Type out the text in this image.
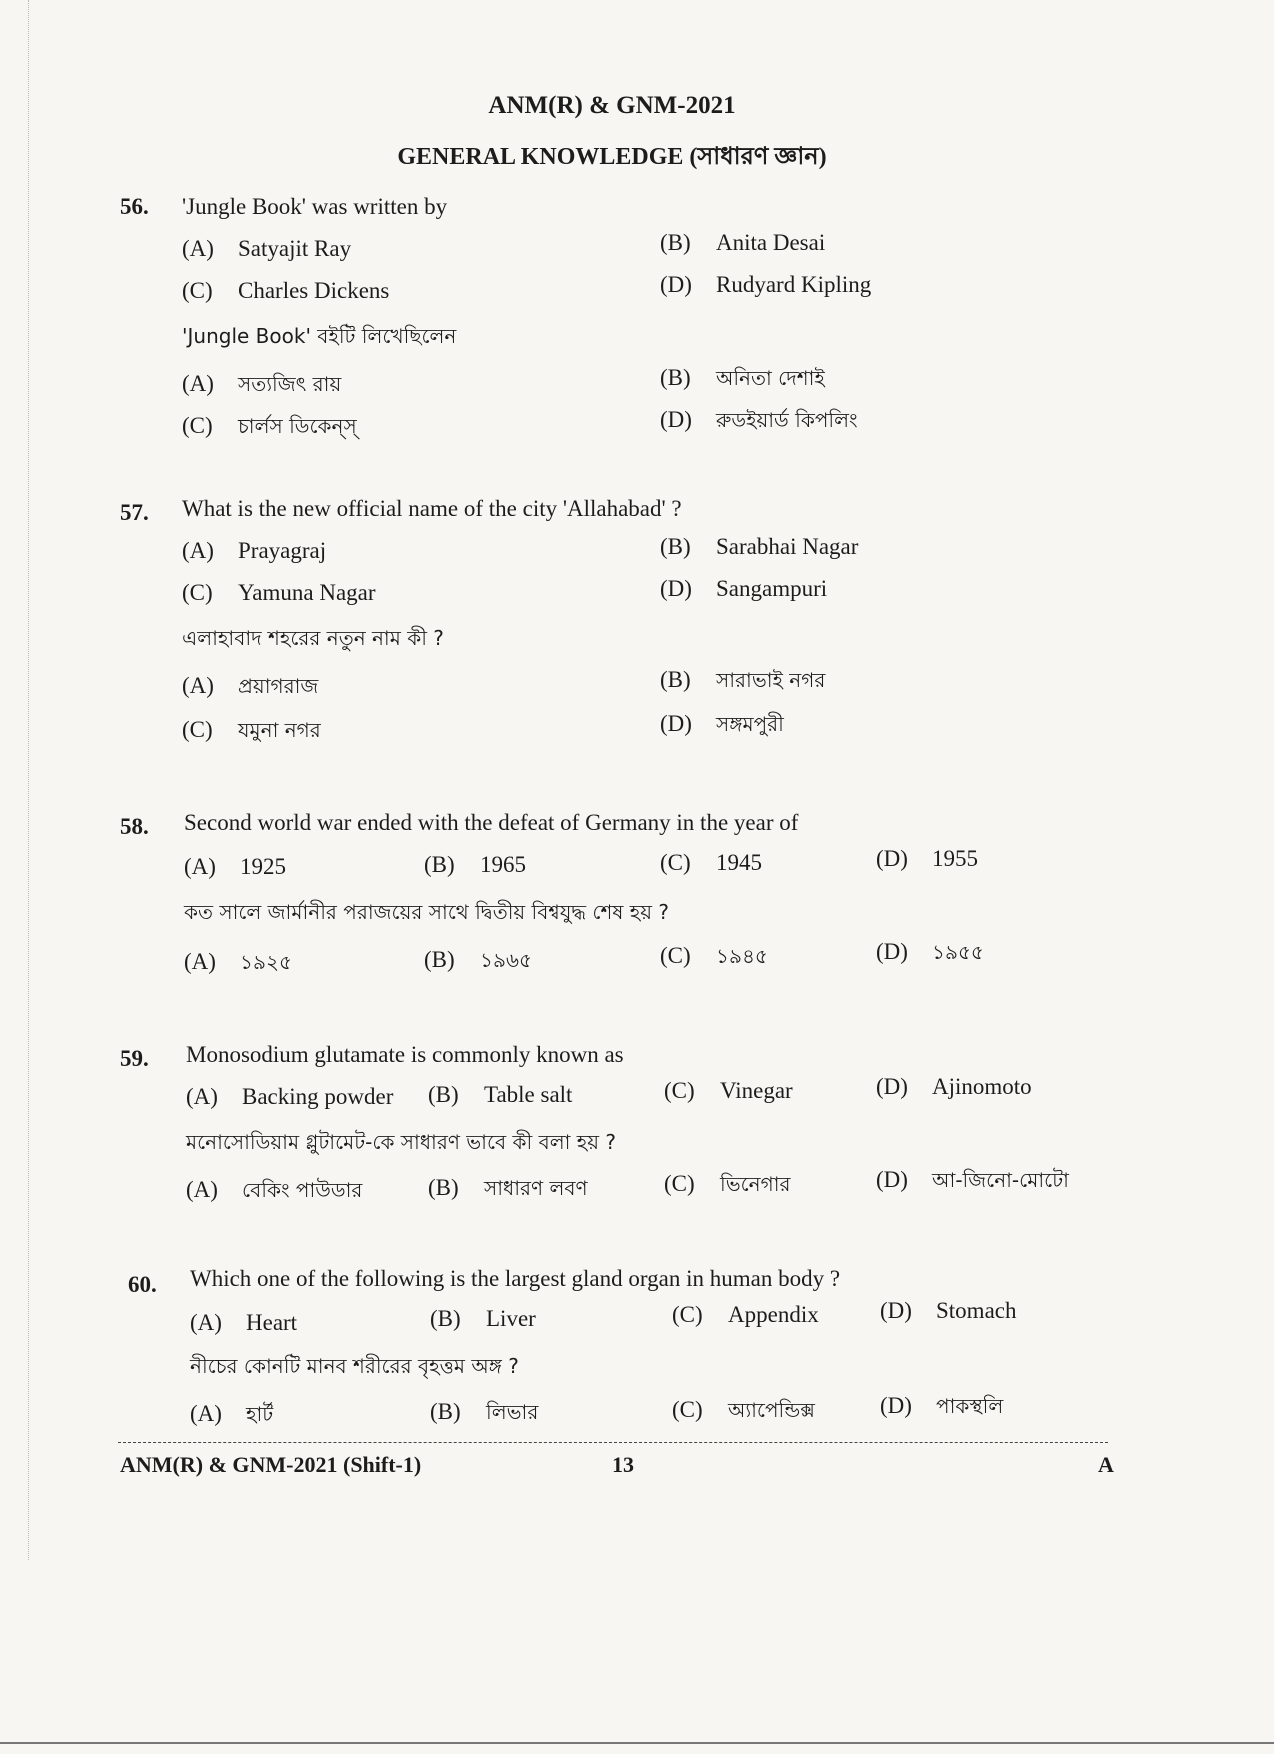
ANM(R) & GNM-2021
GENERAL KNOWLEDGE (সাধারণ জ্ঞান)
56. 'Jungle Book' was written by
(A) Satyajit Ray	(B) Anita Desai
(C) Charles Dickens	(D) Rudyard Kipling
'Jungle Book' বইটি লিখেছিলেন
(A) সত্যজিৎ রায়	(B) অনিতা দেশাই
(C) চার্লস ডিকেন্স্	(D) রুডইয়ার্ড কিপলিং
57. What is the new official name of the city 'Allahabad' ?
(A) Prayagraj	(B) Sarabhai Nagar
(C) Yamuna Nagar	(D) Sangampuri
এলাহাবাদ শহরের নতুন নাম কী ?
(A) প্রয়াগরাজ	(B) সারাভাই নগর
(C) যমুনা নগর	(D) সঙ্গমপুরী
58. Second world war ended with the defeat of Germany in the year of
(A) 1925	(B) 1965	(C) 1945	(D) 1955
কত সালে জার্মানীর পরাজয়ের সাথে দ্বিতীয় বিশ্বযুদ্ধ শেষ হয় ?
(A) ১৯২৫	(B) ১৯৬৫	(C) ১৯৪৫	(D) ১৯৫৫
59. Monosodium glutamate is commonly known as
(A) Backing powder (B) Table salt	(C) Vinegar	(D) Ajinomoto
মনোসোডিয়াম গ্লুটামেট-কে সাধারণ ভাবে কী বলা হয় ?
(A) বেকিং পাউডার	(B) সাধারণ লবণ	(C) ভিনেগার	(D) আ-জিনো-মোটো
60. Which one of the following is the largest gland organ in human body ?
(A) Heart	(B) Liver	(C) Appendix	(D) Stomach
নীচের কোনটি মানব শরীরের বৃহত্তম অঙ্গ ?
(A) হার্ট	(B) লিভার	(C) অ্যাপেন্ডিক্স	(D) পাকস্থলি
ANM(R) & GNM-2021 (Shift-1)	13	A
